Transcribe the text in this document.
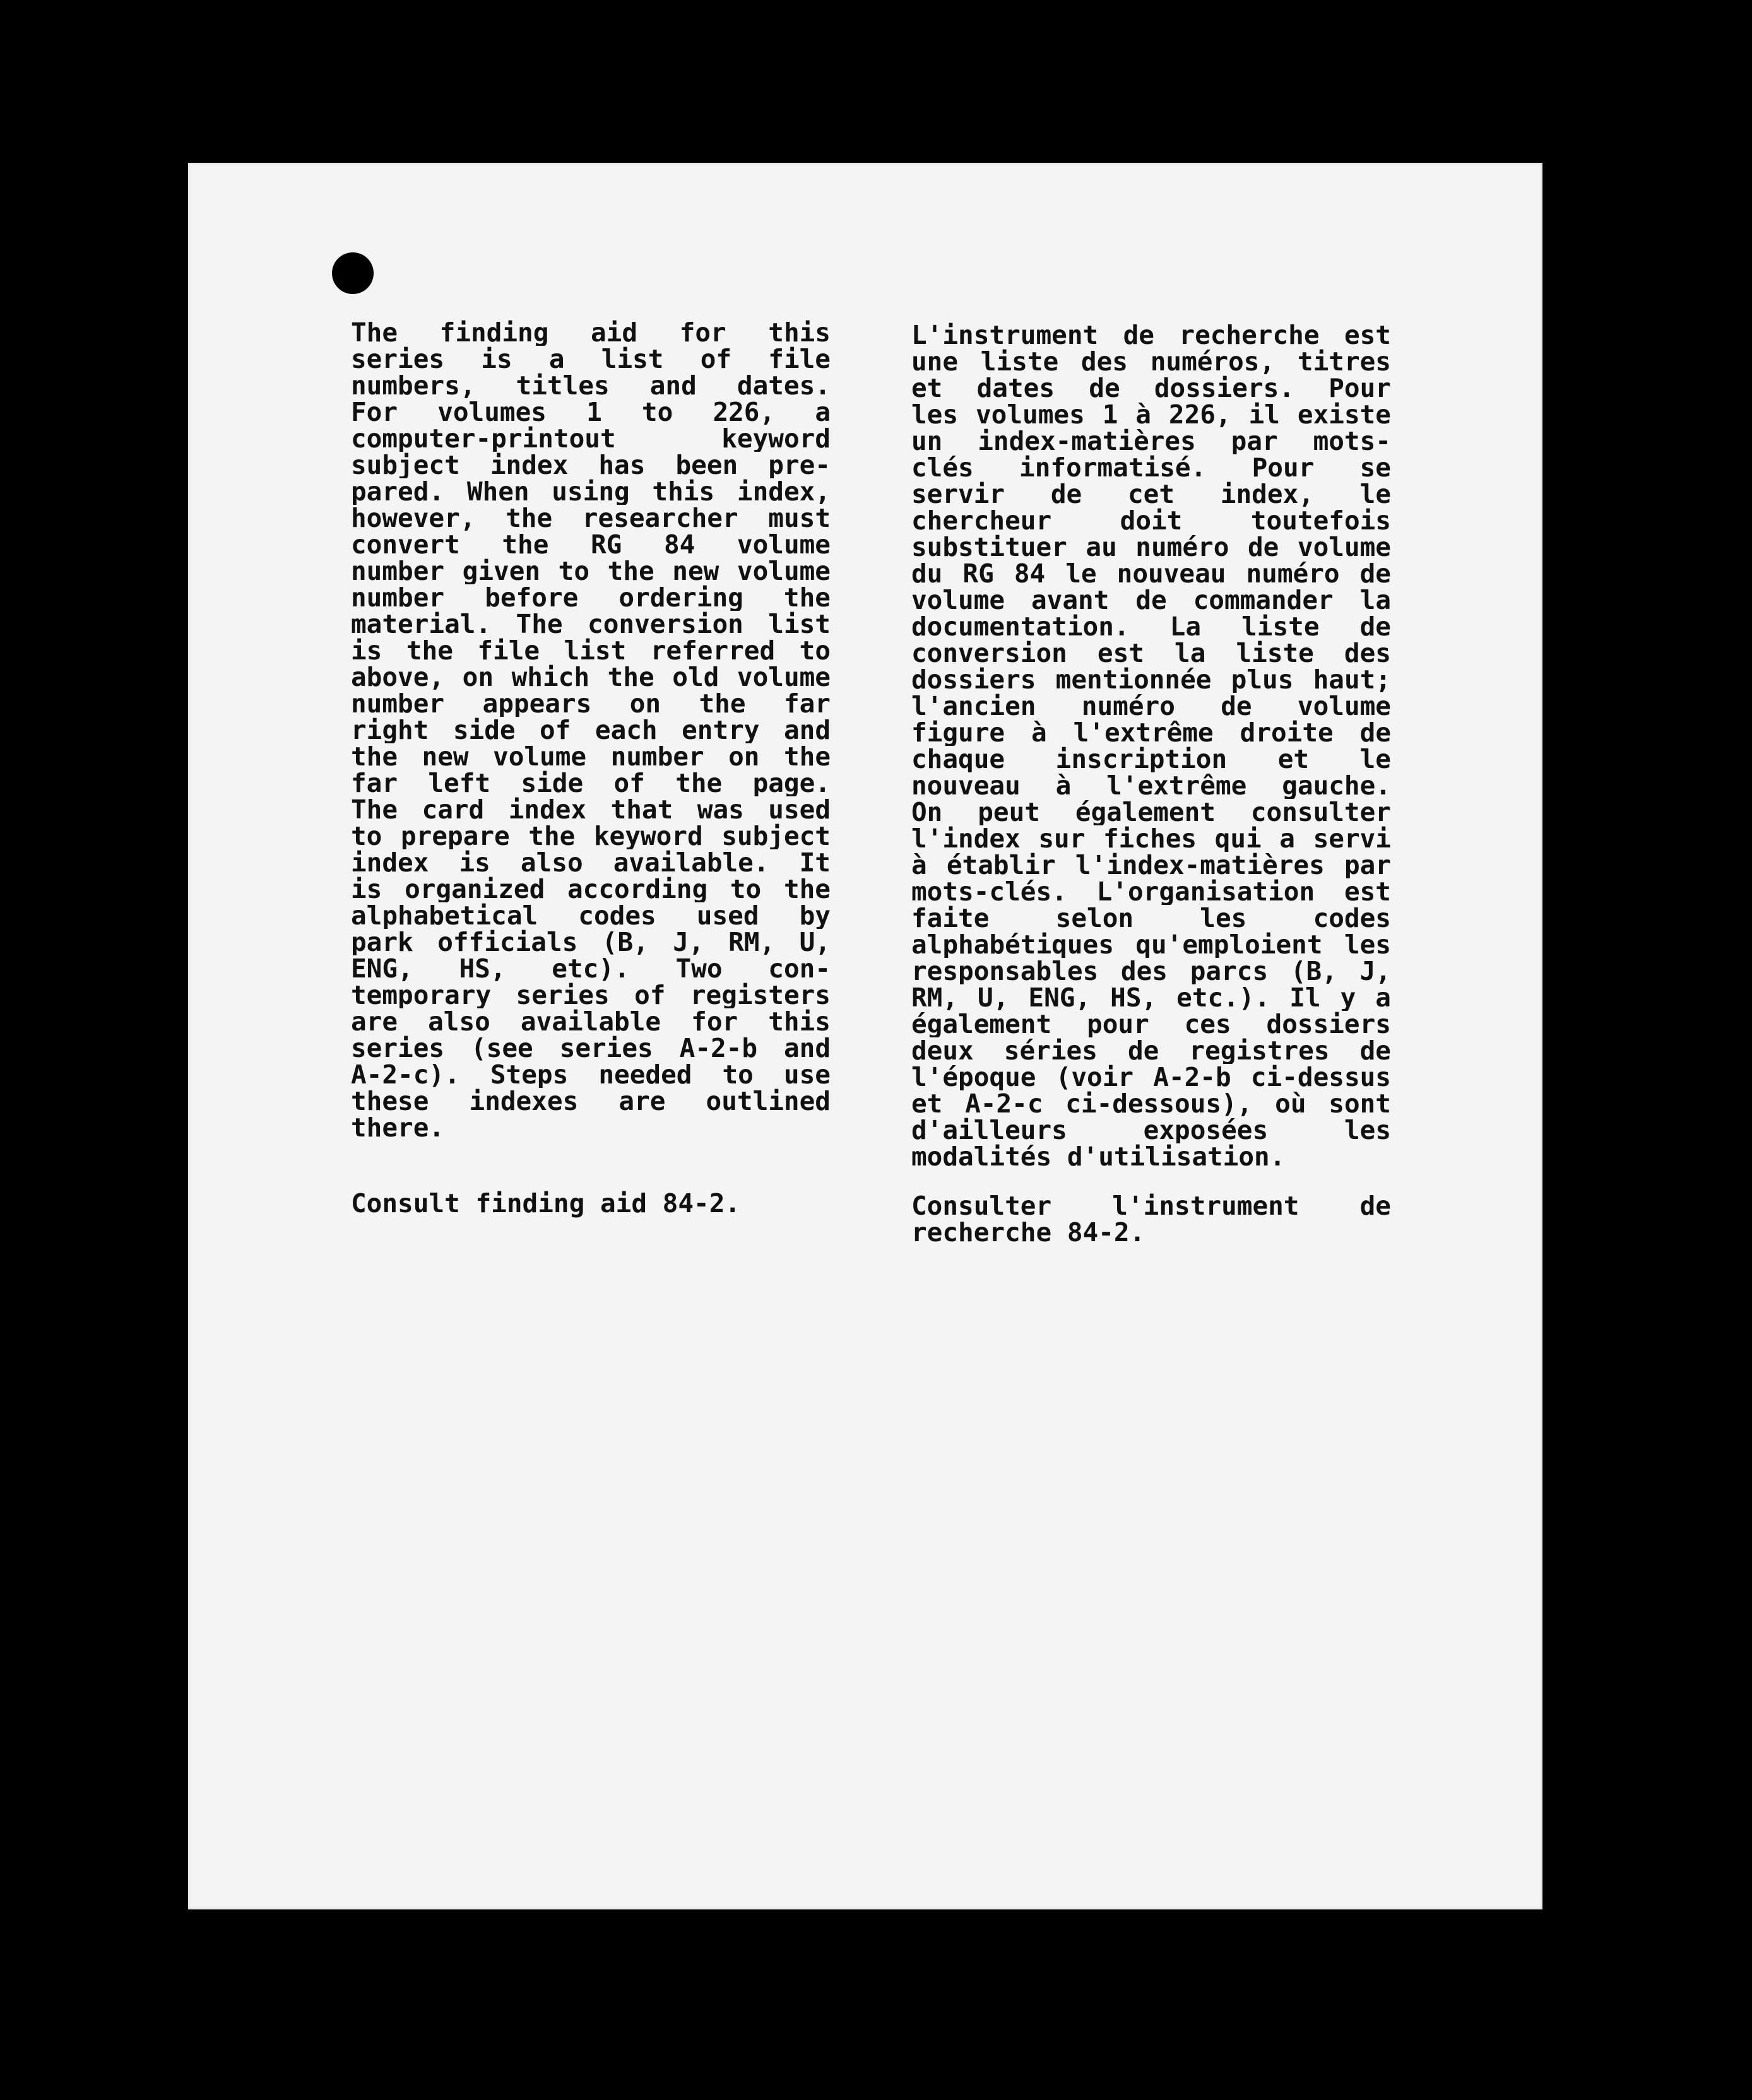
The finding aid for this
series is a list of file
numbers, titles and dates.
For volumes 1 to 226, a
computer-printout keyword
subject index has been pre-
pared. When using this index,
however, the researcher must
convert the RG 84 volume
number given to the new volume
number before ordering the
material. The conversion list
is the file list referred to
above, on which the old volume
number appears on the far
right side of each entry and
the new volume number on the
far left side of the page.
The card index that was used
to prepare the keyword subject
index is also available. It
is organized according to the
alphabetical codes used by
park officials (B, J, RM, U,
ENG, HS, etc). Two con-
temporary series of registers
are also available for this
series (see series A-2-b and
A-2-c). Steps needed to use
these indexes are outlined
there.
Consult finding aid 84-2.
L'instrument de recherche est
une liste des numéros, titres
et dates de dossiers. Pour
les volumes 1 à 226, il existe
un index-matières par mots-
clés informatisé. Pour se
servir de cet index, le
chercheur doit toutefois
substituer au numéro de volume
du RG 84 le nouveau numéro de
volume avant de commander la
documentation. La liste de
conversion est la liste des
dossiers mentionnée plus haut;
l'ancien numéro de volume
figure à l'extrême droite de
chaque inscription et le
nouveau à l'extrême gauche.
On peut également consulter
l'index sur fiches qui a servi
à établir l'index-matières par
mots-clés. L'organisation est
faite selon les codes
alphabétiques qu'emploient les
responsables des parcs (B, J,
RM, U, ENG, HS, etc.). Il y a
également pour ces dossiers
deux séries de registres de
l'époque (voir A-2-b ci-dessus
et A-2-c ci-dessous), où sont
d'ailleurs exposées les
modalités d'utilisation.
Consulter l'instrument de
recherche 84-2.
